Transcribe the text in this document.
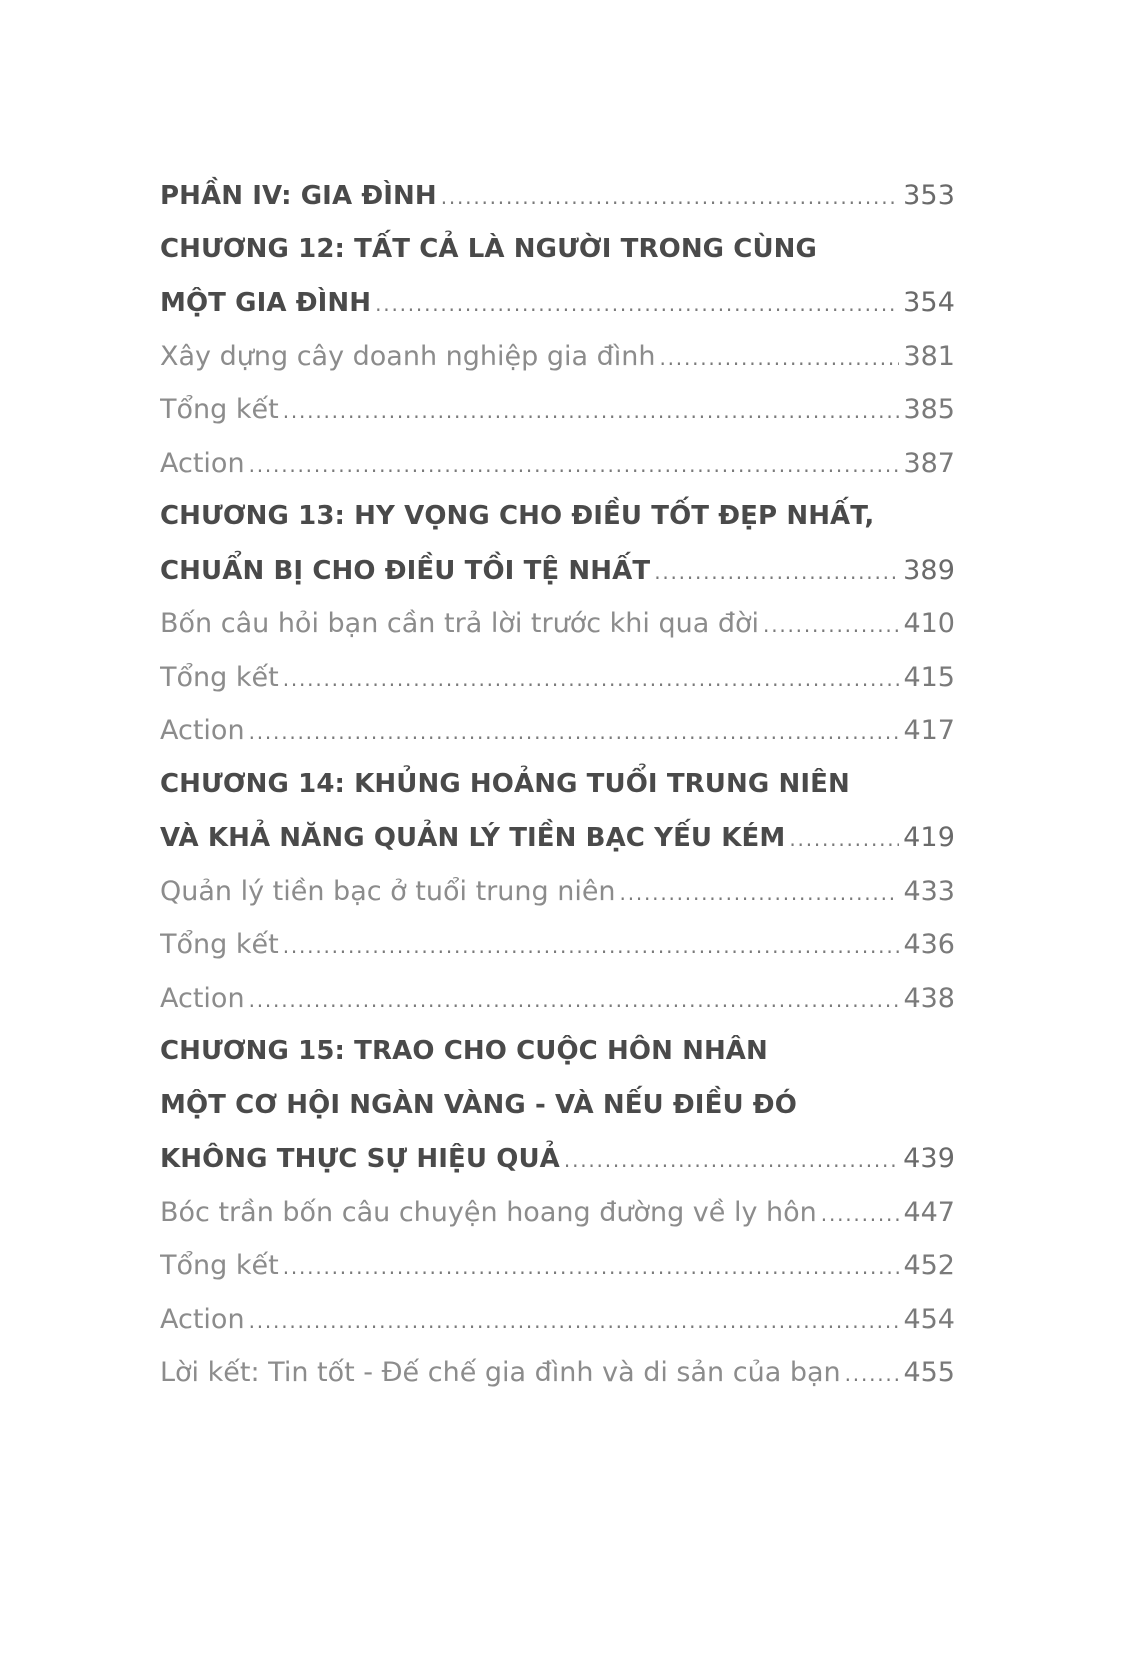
PHẦN IV: GIA ĐÌNH .....	353
CHƯƠNG 12: TẤT CẢ LÀ NGƯỜI TRONG CÙNG
MỘT GIA ĐÌNH .....	354
Xây dựng cây doanh nghiệp gia đình .....	381
Tổng kết .....	385
Action .....	387
CHƯƠNG 13: HY VỌNG CHO ĐIỀU TỐT ĐẸP NHẤT,
CHUẨN BỊ CHO ĐIỀU TỒI TỆ NHẤT .....	389
Bốn câu hỏi bạn cần trả lời trước khi qua đời .....	410
Tổng kết .....	415
Action .....	417
CHƯƠNG 14: KHỦNG HOẢNG TUỔI TRUNG NIÊN
VÀ KHẢ NĂNG QUẢN LÝ TIỀN BẠC YẾU KÉM .....	419
Quản lý tiền bạc ở tuổi trung niên .....	433
Tổng kết .....	436
Action .....	438
CHƯƠNG 15: TRAO CHO CUỘC HÔN NHÂN
MỘT CƠ HỘI NGÀN VÀNG - VÀ NẾU ĐIỀU ĐÓ
KHÔNG THỰC SỰ HIỆU QUẢ .....	439
Bóc trần bốn câu chuyện hoang đường về ly hôn .....	447
Tổng kết .....	452
Action .....	454
Lời kết: Tin tốt - Đế chế gia đình và di sản của bạn ..... 455
